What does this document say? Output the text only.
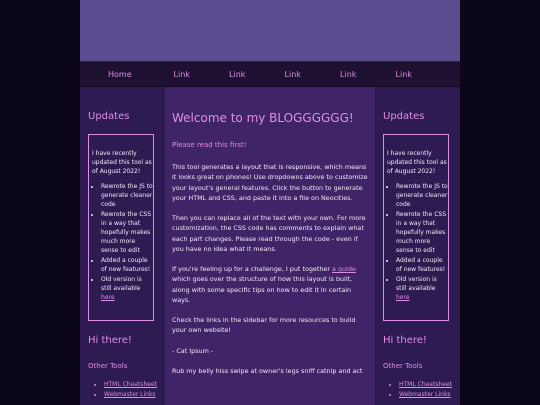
Home	Link	Link	Link	Link	Link
Updates

I have recently updated this tool as of August 2022!

• Rewrote the JS to generate cleaner code
• Rewrote the CSS in a way that hopefully makes much more sense to edit
• Added a couple of new features!
• Old version is still available here
Hi there!
Other Tools
• HTML Cheatsheet
• Webmaster Links
Welcome to my BLOGGGGGG!

Please read this first!

This tool generates a layout that is responsive, which means it looks great on phones! Use dropdowns above to customize your layout's general features. Click the button to generate your HTML and CSS, and paste it into a file on Neocities.

Then you can replace all of the text with your own. For more customization, the CSS code has comments to explain what each part changes. Please read through the code - even if you have no idea what it means.

If you're feeling up for a challenge, I put together a guide which goes over the structure of how this layout is built, along with some specific tips on how to edit it in certain ways.

Check the links in the sidebar for more resources to build your own website!

- Cat Ipsum -

Rub my belly hiss swipe at owner's legs sniff catnip and act

Updates

I have recently updated this tool as of August 2022!

• Rewrote the JS to generate cleaner code
• Rewrote the CSS in a way that hopefully makes much more sense to edit
• Added a couple of new features!
• Old version is still available here
Hi there!
Other Tools
• HTML Cheatsheet
• Webmaster Links
